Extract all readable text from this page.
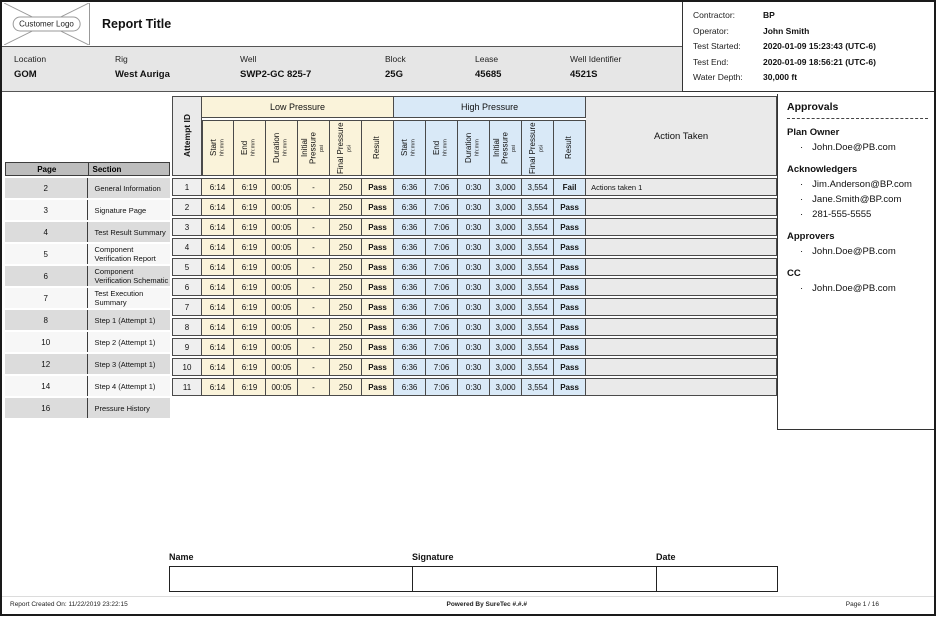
Customer Logo	Report Title
Location
GOM
Rig
West Auriga
Well
SWP2-GC 825-7
Block
25G
Lease
45685
Well Identifier
4521S
Contractor:	BP
Operator:	John Smith
Test Started:	2020-01-09 15:23:43 (UTC-6)
Test End:	2020-01-09 18:56:21 (UTC-6)
Water Depth:	30,000 ft
Page	Section
2	General Information
3	Signature Page
4	Test Result Summary
5	Component Verification Report
6	Component Verification Schematic
7	Test Execution Summary
8	Step 1 (Attempt 1)
10	Step 2 (Attempt 1)
12	Step 3 (Attempt 1)
14	Step 4 (Attempt 1)
16	Pressure History
Attempt ID	Low Pressure						High Pressure						Action Taken

	Start hh:mm	End hh:mm	Duration hh:mm	Initial Pressure psi	Final Pressure psi	Result	Start hh:mm	End hh:mm	Duration hh:mm	Initial Pressure psi	Final Pressure psi	Result	

1	6:14	6:19	00:05	-	250	Pass	6:36	7:06	0:30	3,000	3,554	Fail	Actions taken 1
2	6:14	6:19	00:05	-	250	Pass	6:36	7:06	0:30	3,000	3,554	Pass	
3	6:14	6:19	00:05	-	250	Pass	6:36	7:06	0:30	3,000	3,554	Pass	
4	6:14	6:19	00:05	-	250	Pass	6:36	7:06	0:30	3,000	3,554	Pass	
5	6:14	6:19	00:05	-	250	Pass	6:36	7:06	0:30	3,000	3,554	Pass	
6	6:14	6:19	00:05	-	250	Pass	6:36	7:06	0:30	3,000	3,554	Pass	
7	6:14	6:19	00:05	-	250	Pass	6:36	7:06	0:30	3,000	3,554	Pass	
8	6:14	6:19	00:05	-	250	Pass	6:36	7:06	0:30	3,000	3,554	Pass	
9	6:14	6:19	00:05	-	250	Pass	6:36	7:06	0:30	3,000	3,554	Pass	
10	6:14	6:19	00:05	-	250	Pass	6:36	7:06	0:30	3,000	3,554	Pass	
11	6:14	6:19	00:05	-	250	Pass	6:36	7:06	0:30	3,000	3,554	Pass	
Approvals
Plan Owner
· John.Doe@PB.com
Acknowledgers
· Jim.Anderson@BP.com
· Jane.Smith@BP.com
· 281-555-5555
Approvers
· John.Doe@PB.com
CC
· John.Doe@PB.com
Name	Signature	Date
Report Created On: 11/22/2019 23:22:15	Powered By SureTec #.#.#	Page 1 / 16
